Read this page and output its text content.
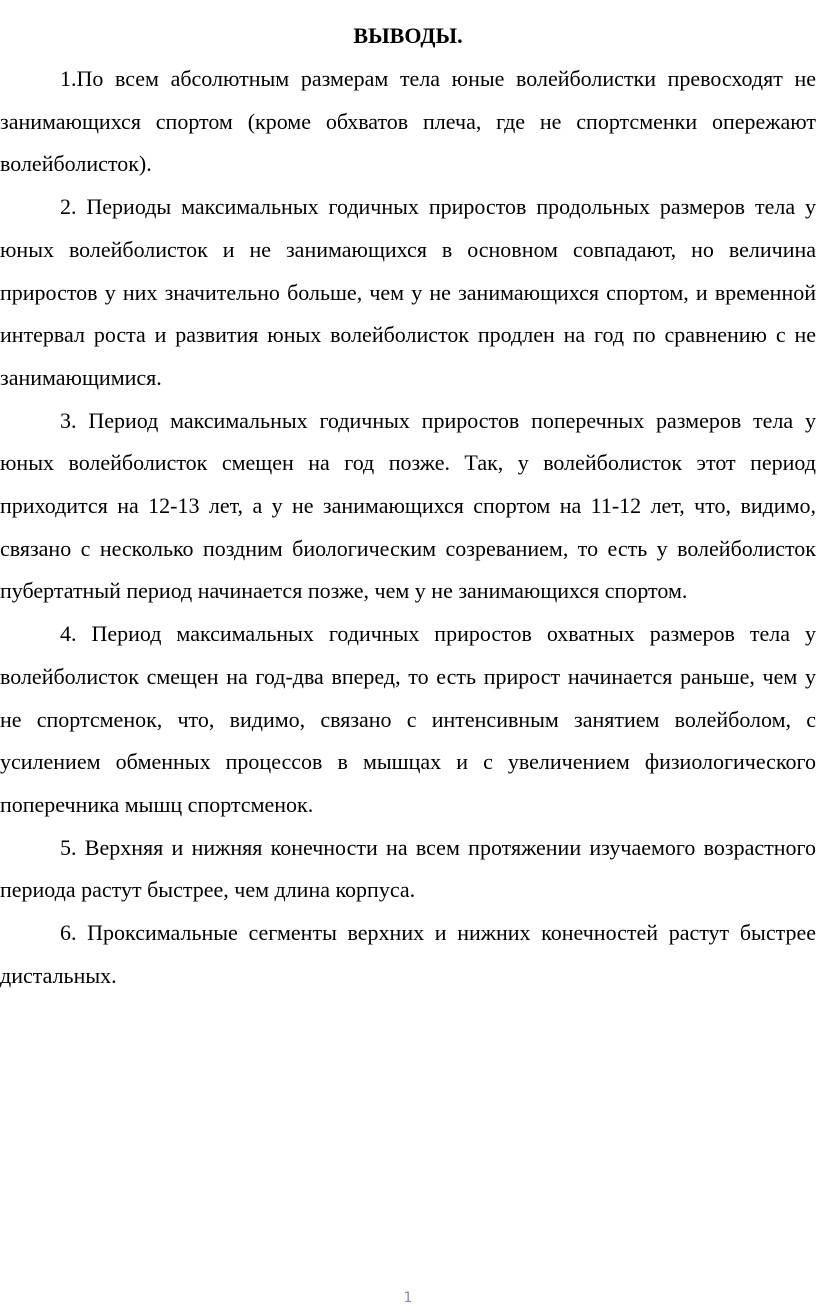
ВЫВОДЫ.

1.По всем абсолютным размерам тела юные волейболистки превосходят не занимающихся спортом (кроме обхватов плеча, где не спортсменки опережают волейболисток).

2. Периоды максимальных годичных приростов продольных размеров тела у юных волейболисток и не занимающихся в основном совпадают, но величина приростов у них значительно больше, чем у не занимающихся спортом, и временной интервал роста и развития юных волейболисток продлен на год по сравнению с не занимающимися.

3. Период максимальных годичных приростов поперечных размеров тела у юных волейболисток смещен на год позже. Так, у волейболисток этот период приходится на 12-13 лет, а у не занимающихся спортом на 11-12 лет, что, видимо, связано с несколько поздним биологическим созреванием, то есть у волейболисток пубертатный период начинается позже, чем у не занимающихся спортом.

4. Период максимальных годичных приростов охватных размеров тела у волейболисток смещен на год-два вперед, то есть прирост начинается раньше, чем у не спортсменок, что, видимо, связано с интенсивным занятием волейболом, с усилением обменных процессов в мышцах и с увеличением физиологического поперечника мышц спортсменок.

5. Верхняя и нижняя конечности на всем протяжении изучаемого возрастного периода растут быстрее, чем длина корпуса.

6. Проксимальные сегменты верхних и нижних конечностей растут быстрее дистальных.

1
